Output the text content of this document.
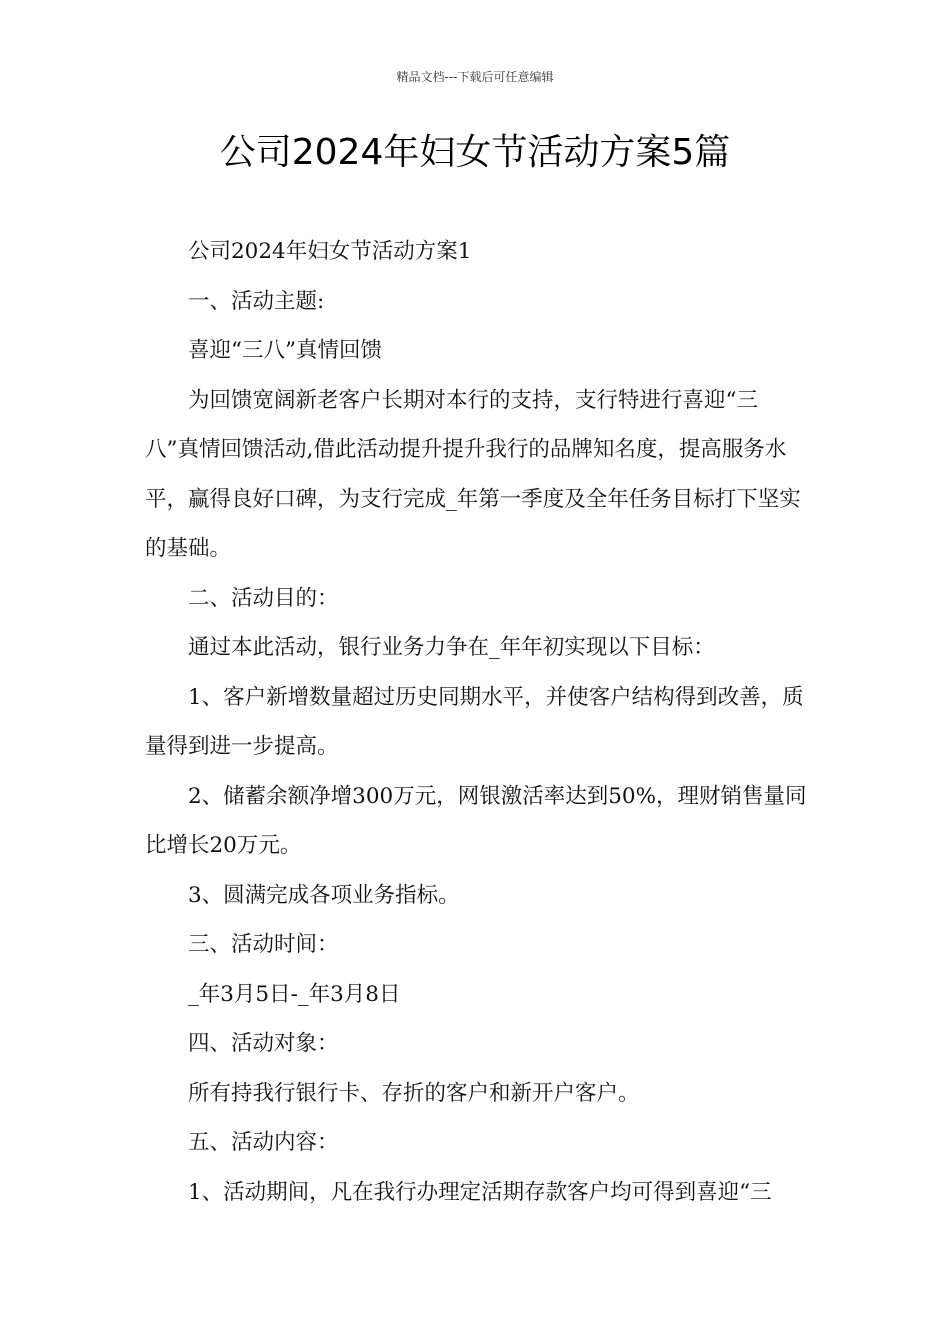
精品文档---下载后可任意编辑
公司2024年妇女节活动方案5篇

公司2024年妇女节活动方案1

一、活动主题:

喜迎“三八”真情回馈

为回馈宽阔新老客户长期对本行的支持，支行特进行喜迎“三八”真情回馈活动,借此活动提升提升我行的品牌知名度，提高服务水平，赢得良好口碑，为支行完成_年第一季度及全年任务目标打下坚实的基础。

二、活动目的：

通过本此活动，银行业务力争在_年年初实现以下目标：

1、客户新增数量超过历史同期水平，并使客户结构得到改善，质量得到进一步提高。

2、储蓄余额净增300万元，网银激活率达到50%，理财销售量同比增长20万元。

3、圆满完成各项业务指标。

三、活动时间：

_年3月5日-_年3月8日

四、活动对象：

所有持我行银行卡、存折的客户和新开户客户。

五、活动内容：

1、活动期间，凡在我行办理定活期存款客户均可得到喜迎“三
